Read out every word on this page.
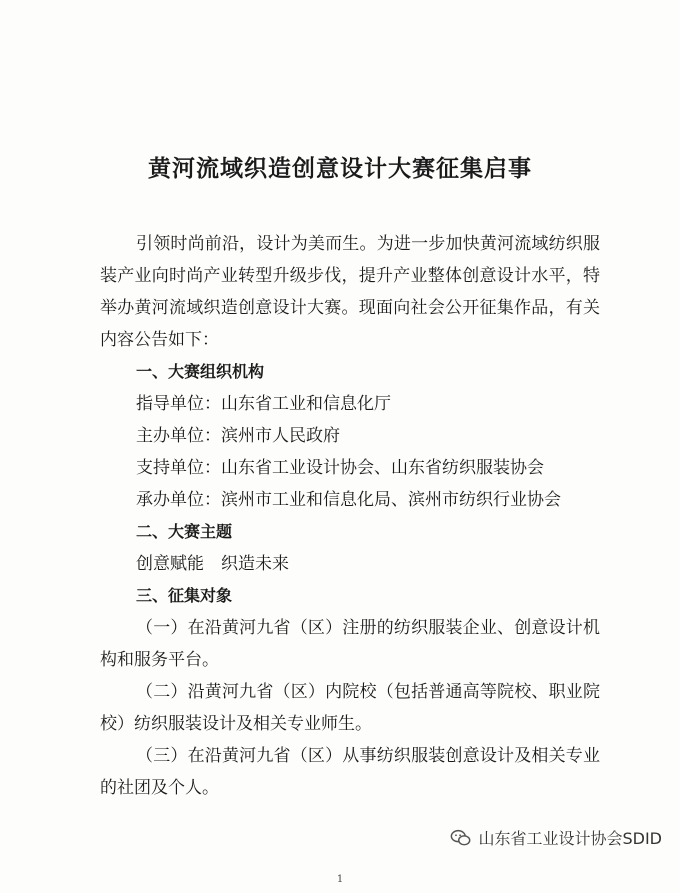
黄河流域织造创意设计大赛征集启事

引领时尚前沿，设计为美而生。为进一步加快黄河流域纺织服装产业向时尚产业转型升级步伐，提升产业整体创意设计水平，特举办黄河流域织造创意设计大赛。现面向社会公开征集作品，有关内容公告如下：

一、大赛组织机构

指导单位：山东省工业和信息化厅

主办单位：滨州市人民政府

支持单位：山东省工业设计协会、山东省纺织服装协会

承办单位：滨州市工业和信息化局、滨州市纺织行业协会

二、大赛主题

创意赋能　织造未来

三、征集对象

（一）在沿黄河九省（区）注册的纺织服装企业、创意设计机构和服务平台。

（二）沿黄河九省（区）内院校（包括普通高等院校、职业院校）纺织服装设计及相关专业师生。

（三）在沿黄河九省（区）从事纺织服装创意设计及相关专业的社团及个人。

山东省工业设计协会SDID
1
